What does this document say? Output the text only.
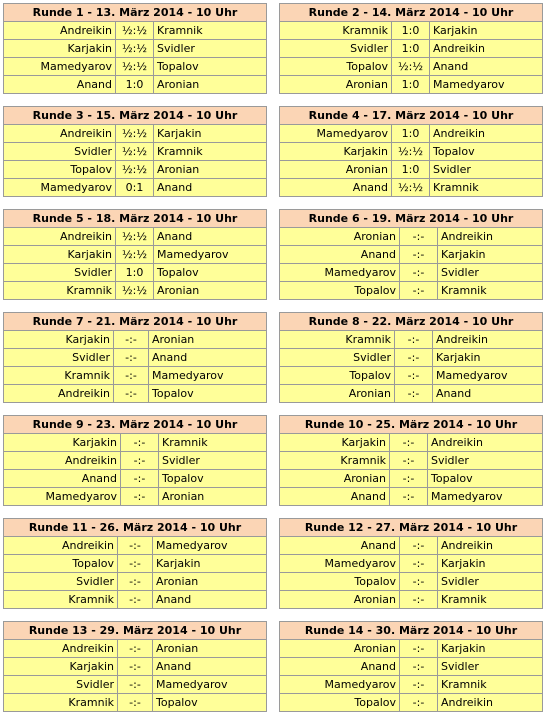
Runde 1 - 13. März 2014 - 10 Uhr		
Andreikin	½:½	Kramnik
Karjakin	½:½	Svidler
Mamedyarov	½:½	Topalov
Anand	1:0	Aronian
Runde 2 - 14. März 2014 - 10 Uhr		
Kramnik	1:0	Karjakin
Svidler	1:0	Andreikin
Topalov	½:½	Anand
Aronian	1:0	Mamedyarov
Runde 3 - 15. März 2014 - 10 Uhr		
Andreikin	½:½	Karjakin
Svidler	½:½	Kramnik
Topalov	½:½	Aronian
Mamedyarov	0:1	Anand
Runde 4 - 17. März 2014 - 10 Uhr		
Mamedyarov	1:0	Andreikin
Karjakin	½:½	Topalov
Aronian	1:0	Svidler
Anand	½:½	Kramnik
Runde 5 - 18. März 2014 - 10 Uhr		
Andreikin	½:½	Anand
Karjakin	½:½	Mamedyarov
Svidler	1:0	Topalov
Kramnik	½:½	Aronian
Runde 6 - 19. März 2014 - 10 Uhr		
Aronian	-:-	Andreikin
Anand	-:-	Karjakin
Mamedyarov	-:-	Svidler
Topalov	-:-	Kramnik
Runde 7 - 21. März 2014 - 10 Uhr		
Karjakin	-:-	Aronian
Svidler	-:-	Anand
Kramnik	-:-	Mamedyarov
Andreikin	-:-	Topalov
Runde 8 - 22. März 2014 - 10 Uhr		
Kramnik	-:-	Andreikin
Svidler	-:-	Karjakin
Topalov	-:-	Mamedyarov
Aronian	-:-	Anand
Runde 9 - 23. März 2014 - 10 Uhr		
Karjakin	-:-	Kramnik
Andreikin	-:-	Svidler
Anand	-:-	Topalov
Mamedyarov	-:-	Aronian
Runde 10 - 25. März 2014 - 10 Uhr		
Karjakin	-:-	Andreikin
Kramnik	-:-	Svidler
Aronian	-:-	Topalov
Anand	-:-	Mamedyarov
Runde 11 - 26. März 2014 - 10 Uhr		
Andreikin	-:-	Mamedyarov
Topalov	-:-	Karjakin
Svidler	-:-	Aronian
Kramnik	-:-	Anand
Runde 12 - 27. März 2014 - 10 Uhr		
Anand	-:-	Andreikin
Mamedyarov	-:-	Karjakin
Topalov	-:-	Svidler
Aronian	-:-	Kramnik
Runde 13 - 29. März 2014 - 10 Uhr		
Andreikin	-:-	Aronian
Karjakin	-:-	Anand
Svidler	-:-	Mamedyarov
Kramnik	-:-	Topalov
Runde 14 - 30. März 2014 - 10 Uhr		
Aronian	-:-	Karjakin
Anand	-:-	Svidler
Mamedyarov	-:-	Kramnik
Topalov	-:-	Andreikin
